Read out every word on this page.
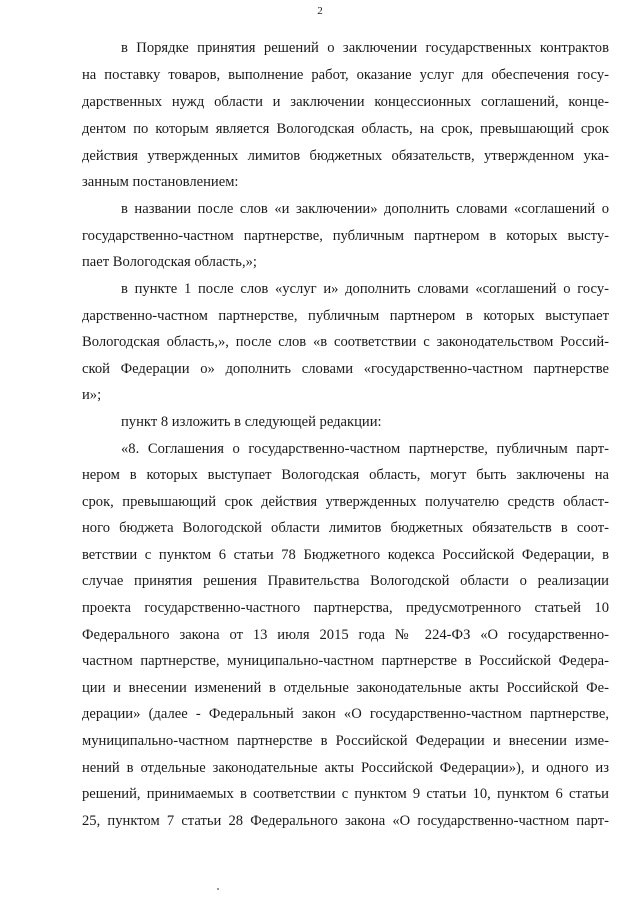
2
в Порядке принятия решений о заключении государственных контрактов
на поставку товаров, выполнение работ, оказание услуг для обеспечения госу-
дарственных нужд области и заключении концессионных соглашений, конце-
дентом по которым является Вологодская область, на срок, превышающий срок
действия утвержденных лимитов бюджетных обязательств, утвержденном ука-
занным постановлением:
в названии после слов «и заключении» дополнить словами «соглашений о
государственно-частном партнерстве, публичным партнером в которых высту-
пает Вологодская область,»;
в пункте 1 после слов «услуг и» дополнить словами «соглашений о госу-
дарственно-частном партнерстве, публичным партнером в которых выступает
Вологодская область,», после слов «в соответствии с законодательством Россий-
ской Федерации о» дополнить словами «государственно-частном партнерстве
и»;
пункт 8 изложить в следующей редакции:
«8. Соглашения о государственно-частном партнерстве, публичным парт-
нером в которых выступает Вологодская область, могут быть заключены на
срок, превышающий срок действия утвержденных получателю средств област-
ного бюджета Вологодской области лимитов бюджетных обязательств в соот-
ветствии с пунктом 6 статьи 78 Бюджетного кодекса Российской Федерации, в
случае принятия решения Правительства Вологодской области о реализации
проекта государственно-частного партнерства, предусмотренного статьей 10
Федерального закона от 13 июля 2015 года № 224-ФЗ «О государственно-
частном партнерстве, муниципально-частном партнерстве в Российской Федера-
ции и внесении изменений в отдельные законодательные акты Российской Фе-
дерации» (далее - Федеральный закон «О государственно-частном партнерстве,
муниципально-частном партнерстве в Российской Федерации и внесении изме-
нений в отдельные законодательные акты Российской Федерации»), и одного из
решений, принимаемых в соответствии с пунктом 9 статьи 10, пунктом 6 статьи
25, пунктом 7 статьи 28 Федерального закона «О государственно-частном парт-
